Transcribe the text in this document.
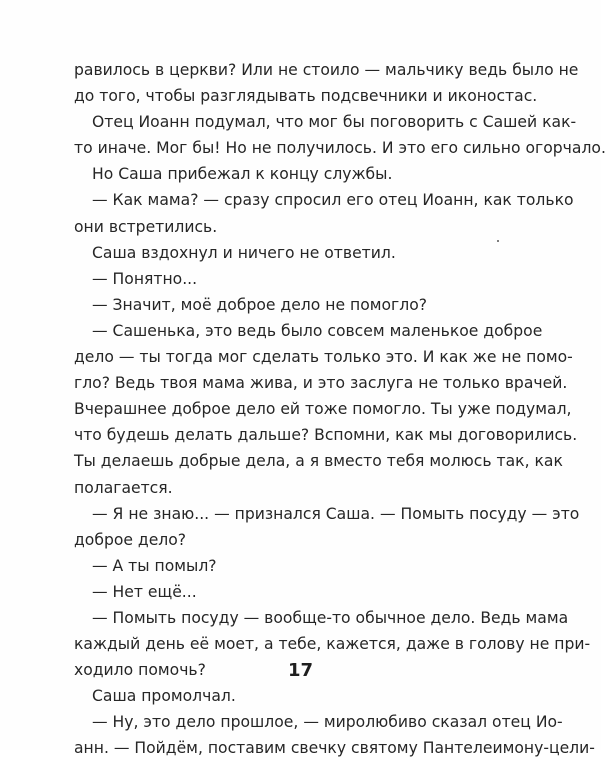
равилось в церкви? Или не стоило — мальчику ведь было не
до того, чтобы разглядывать подсвечники и иконостас.
Отец Иоанн подумал, что мог бы поговорить с Сашей как-
то иначе. Мог бы! Но не получилось. И это его сильно огорчало.
Но Саша прибежал к концу службы.
— Как мама? — сразу спросил его отец Иоанн, как только
они встретились.
Саша вздохнул и ничего не ответил.
— Понятно...
— Значит, моё доброе дело не помогло?
— Сашенька, это ведь было совсем маленькое доброе
дело — ты тогда мог сделать только это. И как же не помо-
гло? Ведь твоя мама жива, и это заслуга не только врачей.
Вчерашнее доброе дело ей тоже помогло. Ты уже подумал,
что будешь делать дальше? Вспомни, как мы договорились.
Ты делаешь добрые дела, а я вместо тебя молюсь так, как
полагается.
— Я не знаю... — признался Саша. — Помыть посуду — это
доброе дело?
— А ты помыл?
— Нет ещё...
— Помыть посуду — вообще-то обычное дело. Ведь мама
каждый день её моет, а тебе, кажется, даже в голову не при-
ходило помочь?
Саша промолчал.
— Ну, это дело прошлое, — миролюбиво сказал отец Ио-
анн. — Пойдём, поставим свечку святому Пантелеимону-цели-
17
